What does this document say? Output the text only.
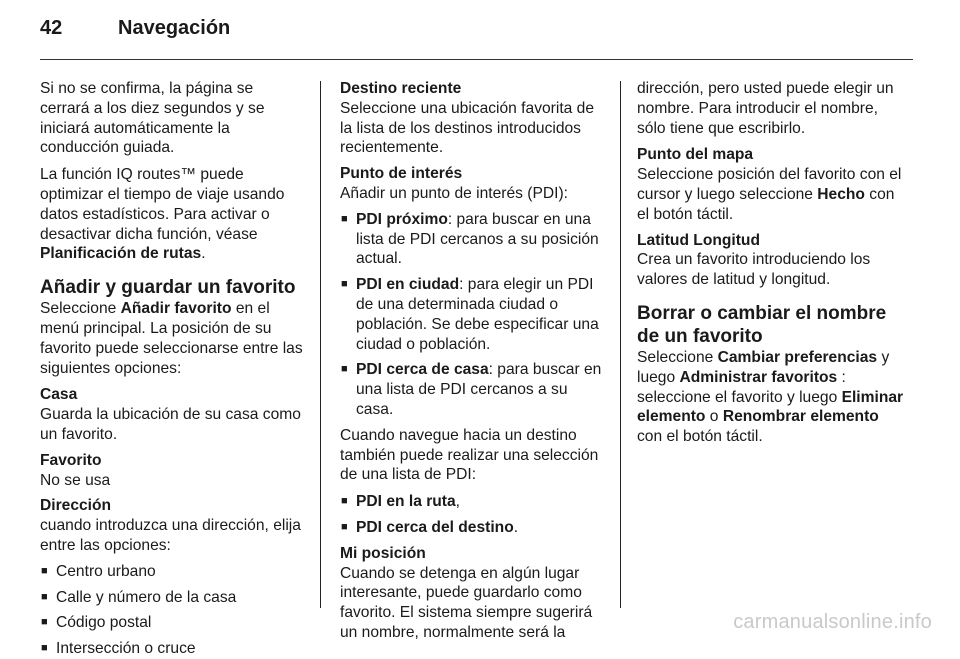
42	Navegación

Si no se confirma, la página se cerrará a los diez segundos y se iniciará automáticamente la conducción guiada.

La función IQ routes™ puede optimizar el tiempo de viaje usando datos estadísticos. Para activar o desactivar dicha función, véase Planificación de rutas.

Añadir y guardar un favorito

Seleccione Añadir favorito en el menú principal. La posición de su favorito puede seleccionarse entre las siguientes opciones:

Casa
Guarda la ubicación de su casa como un favorito.
Favorito
No se usa
Dirección
cuando introduzca una dirección, elija entre las opciones:
■ Centro urbano
■ Calle y número de la casa
■ Código postal
■ Intersección o cruce
Destino reciente
Seleccione una ubicación favorita de la lista de los destinos introducidos recientemente.
Punto de interés
Añadir un punto de interés (PDI):
■ PDI próximo: para buscar en una lista de PDI cercanos a su posición actual.
■ PDI en ciudad: para elegir un PDI de una determinada ciudad o población. Se debe especificar una ciudad o población.
■ PDI cerca de casa: para buscar en una lista de PDI cercanos a su casa.

Cuando navegue hacia un destino también puede realizar una selección de una lista de PDI:

■ PDI en la ruta,
■ PDI cerca del destino.
Mi posición
Cuando se detenga en algún lugar interesante, puede guardarlo como favorito. El sistema siempre sugerirá un nombre, normalmente será la

dirección, pero usted puede elegir un nombre. Para introducir el nombre, sólo tiene que escribirlo.

Punto del mapa
Seleccione posición del favorito con el cursor y luego seleccione Hecho con el botón táctil.
Latitud Longitud
Crea un favorito introduciendo los valores de latitud y longitud.
Borrar o cambiar el nombre de un favorito

Seleccione Cambiar preferencias y luego Administrar favoritos : seleccione el favorito y luego Eliminar elemento o Renombrar elemento con el botón táctil.

carmanualsonline.info
